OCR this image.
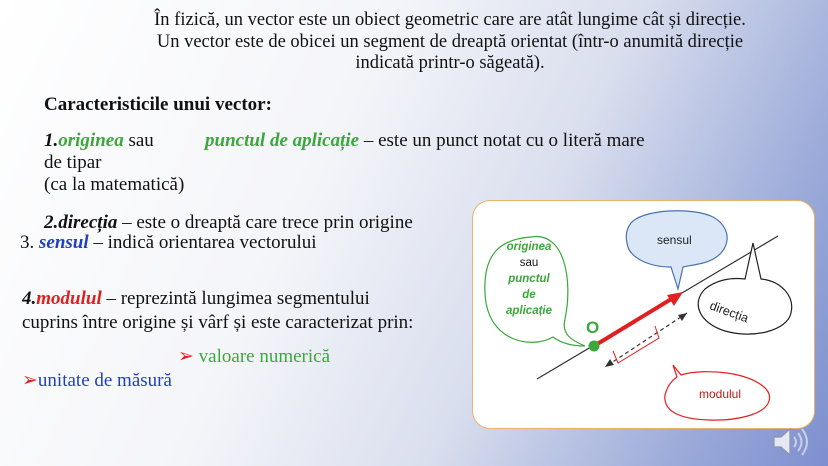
În fizică, un vector este un obiect geometric care are atât lungime cât și direcție.
Un vector este de obicei un segment de dreaptă orientat (într-o anumită direcție
indicată printr-o săgeată).
Caracteristicile unui vector:
1.originea sau	punctul de aplicație – este un punct notat cu o literă mare
de tipar
(ca la matematică)
2.direcția – este o dreaptă care trece prin origine
3. sensul – indică orientarea vectorului
4.modulul – reprezintă lungimea segmentului
cuprins între origine și vârf și este caracterizat prin:
➢ valoare numerică
➢unitate de măsură
originea
sau
punctul
de
aplicație
sensul
direcția
modulul
O
